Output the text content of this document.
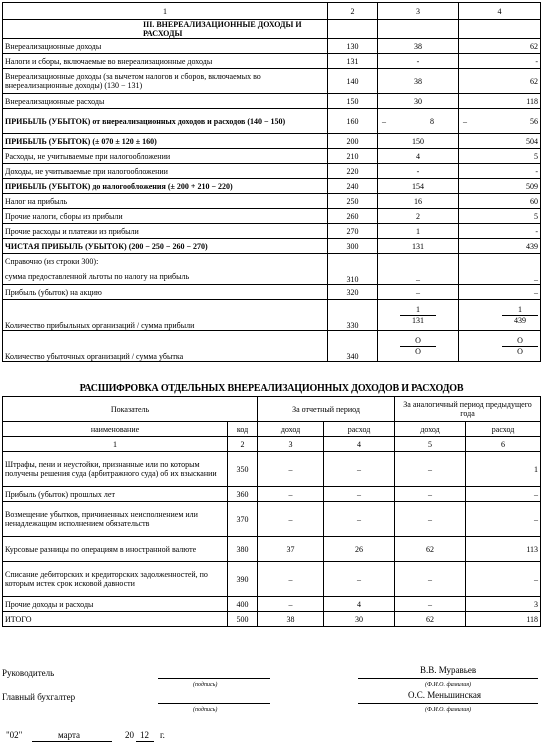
1	2	3	4
III. ВНЕРЕАЛИЗАЦИОННЫЕ ДОХОДЫ И РАСХОДЫ			
Внереализационные доходы	130	38	62
Налоги и сборы, включаемые во внереализационные доходы	131	-	-
Внереализационные доходы (за вычетом налогов и сборов, включаемых во внереализационные доходы) (130 − 131)	140	38	62
Внереализационные расходы	150	30	118
ПРИБЫЛЬ (УБЫТОК) от внереализационных доходов и расходов (140 − 150)	160	– 8	– 56

ПРИБЫЛЬ (УБЫТОК) (± 070 ± 120 ± 160)	200	150	504
Расходы, не учитываемые при налогообложении	210	4	5
Доходы, не учитываемые при налогообложении	220	-	-
ПРИБЫЛЬ (УБЫТОК) до налогообложения (± 200 + 210 − 220)	240	154	509
Налог на прибыль	250	16	60
Прочие налоги, сборы из прибыли	260	2	5
Прочие расходы и платежи из прибыли	270	1	-
ЧИСТАЯ ПРИБЫЛЬ (УБЫТОК) (200 − 250 − 260 − 270)	300	131	439

Справочно (из строки 300):
сумма предоставленной льготы по налогу на прибыль	310	–	–
Прибыль (убыток) на акцию	320	–	–
Количество прибыльных организаций / сумма прибыли	330	$\frac{1}{131}$	$\frac{1}{439}$

Количество убыточных организаций / сумма убытка	340	$\frac{О}{О}$	$\frac{О}{О}$
РАСШИФРОВКА ОТДЕЛЬНЫХ ВНЕРЕАЛИЗАЦИОННЫХ ДОХОДОВ И РАСХОДОВ
Показатель		За отчетный период		За аналогичный период предыдущего года	
наименование	код	доход	расход	доход	расход
1	2	3	4	5	6
Штрафы, пени и неустойки, признанные или по которым получены решения суда (арбитражного суда) об их взыскании	350	–	–	–	1
Прибыль (убыток) прошлых лет	360	–	–	–	–
Возмещение убытков, причиненных неисполнением или ненадлежащим исполнением обязательств	370	–	–	–	–
Курсовые разницы по операциям в иностранной валюте	380	37	26	62	113
Списание дебиторских и кредиторских задолженностей, по которым истек срок исковой давности	390	–	–	–	–
Прочие доходы и расходы	400	–	4	–	3
ИТОГО	500	38	30	62	118
Руководитель
(подпись)
В.В. Муравьев
(Ф.И.О. фамилия)
Главный бухгалтер
(подпись)
О.С. Меньшинская
(Ф.И.О. фамилия)
"02"	марта	20 12 г.
